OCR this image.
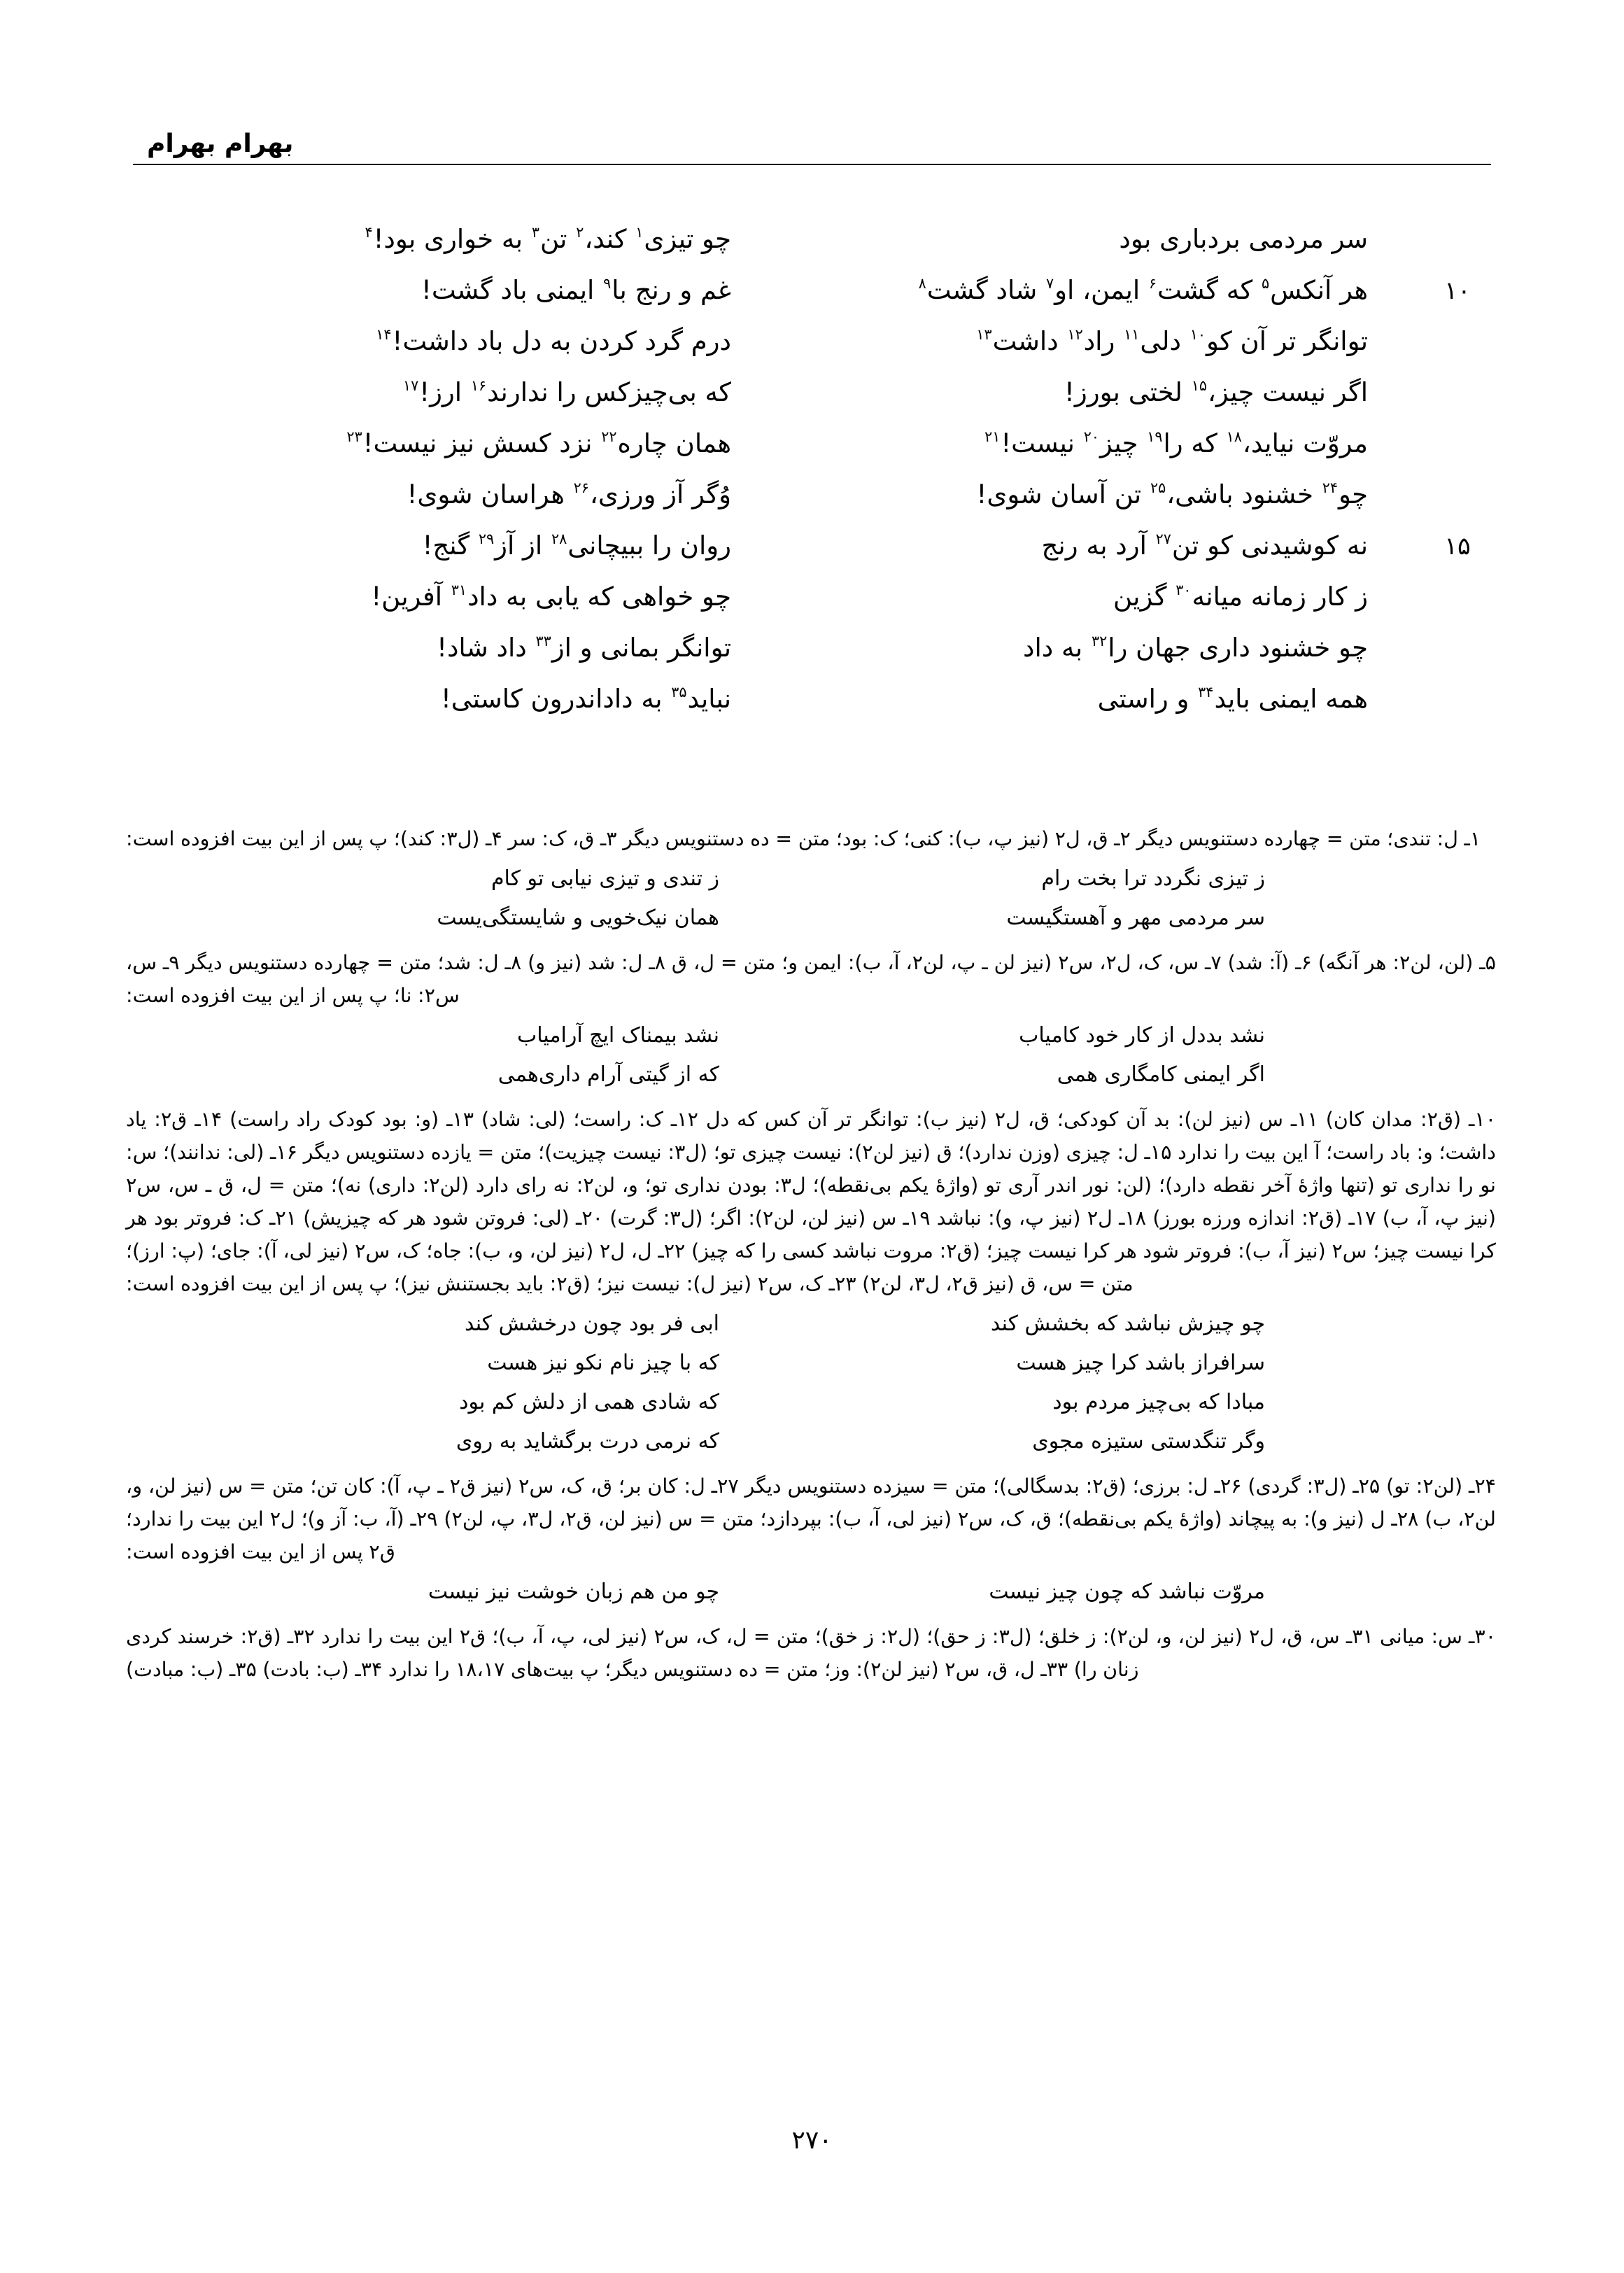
بهرام بهرام
سر مردمی بردباری بود
چو تیزی$^۱$ کند،$^۲$ تن$^۳$ به خواری بود!$^۴$
۱۰
هر آنکس$^۵$ که گشت$^۶$ ایمن، او$^۷$ شاد گشت$^۸$
غم و رنج با$^۹$ ایمنی باد گشت!
توانگر تر آن کو$^{۱۰}$ دلی$^{۱۱}$ راد$^{۱۲}$ داشت$^{۱۳}$
درم گرد کردن به دل باد داشت!$^{۱۴}$
اگر نیست چیز،$^{۱۵}$ لختی بورز!
که بی‌چیزکس را ندارند$^{۱۶}$ ارز!$^{۱۷}$
مروّت نیاید،$^{۱۸}$ که را$^{۱۹}$ چیز$^{۲۰}$ نیست!$^{۲۱}$
همان چاره$^{۲۲}$ نزد کسش نیز نیست!$^{۲۳}$
چو$^{۲۴}$ خشنود باشی،$^{۲۵}$ تن آسان شوی!
وُگر آز ورزی،$^{۲۶}$ هراسان شوی!
۱۵
نه کوشیدنی کو تن$^{۲۷}$ آرد به رنج
روان را ببیچانی$^{۲۸}$ از آز$^{۲۹}$ گنج!
ز کار زمانه میانه$^{۳۰}$ گزین
چو خواهی که یابی به داد$^{۳۱}$ آفرین!
چو خشنود داری جهان را$^{۳۲}$ به داد
توانگر بمانی و از$^{۳۳}$ داد شاد!
همه ایمنی باید$^{۳۴}$ و راستی
نباید$^{۳۵}$ به داداندرون کاستی!

۱ـ ل: تندی؛ متن = چهارده دستنویس دیگر ۲ـ ق، ل۲ (نیز پ، ب): کنی؛ ک: بود؛ متن = ده دستنویس دیگر ۳ـ ق، ک: سر ۴ـ (ل۳: کند)؛ پ پس از این بیت افزوده است:

ز تیزی نگردد ترا بخت رام
ز تندی و تیزی نیابی تو کام
سر مردمی مهر و آهستگیست
همان نیک‌خویی و شایستگی‌یست

۵ـ (لن، لن۲: هر آنگه) ۶ـ (آ: شد) ۷ـ س، ک، ل۲، س۲ (نیز لن ـ پ، لن۲، آ، ب): ایمن و؛ متن = ل، ق ۸ـ ل: شد (نیز و) ۸ـ ل: شد؛ متن = چهارده دستنویس دیگر ۹ـ س، س۲: نا؛ پ پس از این بیت افزوده است:

نشد بددل از کار خود کامیاب
نشد بیمناک ایچ آرامیاب
اگر ایمنی کامگاری همی
که از گیتی آرام داری‌همی

۱۰ـ (ق۲: مدان کان) ۱۱ـ س (نیز لن): بد آن کودکی؛ ق، ل۲ (نیز ب): توانگر تر آن کس که دل ۱۲ـ ک: راست؛ (لی: شاد) ۱۳ـ (و: بود کودک راد راست) ۱۴ـ ق۲: یاد داشت؛ و: باد راست؛ آ این بیت را ندارد ۱۵ـ ل: چیزی (وزن ندارد)؛ ق (نیز لن۲): نیست چیزی تو؛ (ل۳: نیست چیزیت)؛ متن = یازده دستنویس دیگر ۱۶ـ (لی: ندانند)؛ س: نو را نداری تو (تنها واژهٔ آخر نقطه دارد)؛ (لن: نور اندر آری تو (واژهٔ یکم بی‌نقطه)؛ ل۳: بودن نداری تو؛ و، لن۲: نه رای دارد (لن۲: داری) نه)؛ متن = ل، ق ـ س، س۲ (نیز پ، آ، ب) ۱۷ـ (ق۲: اندازه ورزه بورز) ۱۸ـ ل۲ (نیز پ، و): نباشد ۱۹ـ س (نیز لن، لن۲): اگر؛ (ل۳: گرت) ۲۰ـ (لی: فروتن شود هر که چیزیش) ۲۱ـ ک: فروتر بود هر کرا نیست چیز؛ س۲ (نیز آ، ب): فروتر شود هر کرا نیست چیز؛ (ق۲: مروت نباشد کسی را که چیز) ۲۲ـ ل، ل۲ (نیز لن، و، ب): جاه؛ ک، س۲ (نیز لی، آ): جای؛ (پ: ارز)؛ متن = س، ق (نیز ق۲، ل۳، لن۲) ۲۳ـ ک، س۲ (نیز ل): نیست نیز؛ (ق۲: باید بجستنش نیز)؛ پ پس از این بیت افزوده است:

چو چیزش نباشد که بخشش کند
ابی فر بود چون درخشش کند
سرافراز باشد کرا چیز هست
که با چیز نام نکو نیز هست
مبادا که بی‌چیز مردم بود
که شادی همی از دلش کم بود
وگر تنگدستی ستیزه مجوی
که نرمی درت برگشاید به روی

۲۴ـ (لن۲: تو) ۲۵ـ (ل۳: گردی) ۲۶ـ ل: برزی؛ (ق۲: بدسگالی)؛ متن = سیزده دستنویس دیگر ۲۷ـ ل: کان بر؛ ق، ک، س۲ (نیز ق۲ ـ پ، آ): کان تن؛ متن = س (نیز لن، و، لن۲، ب) ۲۸ـ ل (نیز و): به پیچاند (واژهٔ یکم بی‌نقطه)؛ ق، ک، س۲ (نیز لی، آ، ب): بپردازد؛ متن = س (نیز لن، ق۲، ل۳، پ، لن۲) ۲۹ـ (آ، ب: آز و)؛ ل۲ این بیت را ندارد؛ ق۲ پس از این بیت افزوده است:

مروّت نباشد که چون چیز نیست
چو من هم زبان خوشت نیز نیست

۳۰ـ س: میانی ۳۱ـ س، ق، ل۲ (نیز لن، و، لن۲): ز خلق؛ (ل۳: ز حق)؛ (ل۲: ز خق)؛ متن = ل، ک، س۲ (نیز لی، پ، آ، ب)؛ ق۲ این بیت را ندارد ۳۲ـ (ق۲: خرسند کردی زنان را) ۳۳ـ ل، ق، س۲ (نیز لن۲): وز؛ متن = ده دستنویس دیگر؛ پ بیت‌های ۱۸،۱۷ را ندارد ۳۴ـ (ب: بادت) ۳۵ـ (ب: مبادت)

۲۷۰
